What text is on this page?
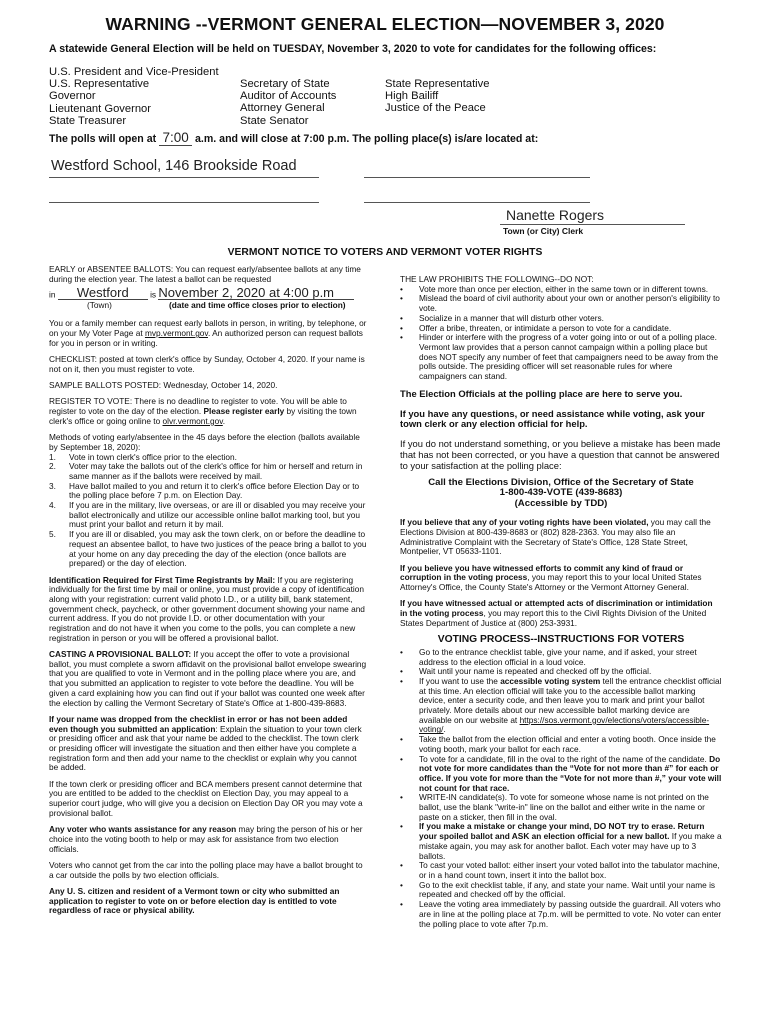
WARNING --VERMONT GENERAL ELECTION—NOVEMBER 3, 2020
A statewide General Election will be held on TUESDAY, November 3, 2020 to vote for candidates for the following offices:
U.S. President and Vice-President
U.S. Representative
Governor
Lieutenant Governor
State Treasurer
Secretary of State
Auditor of Accounts
Attorney General
State Senator
State Representative
High Bailiff
Justice of the Peace
The polls will open at 7:00 a.m. and will close at 7:00 p.m. The polling place(s) is/are located at:
Westford School, 146 Brookside Road
Nanette Rogers
Town (or City) Clerk
VERMONT NOTICE TO VOTERS AND VERMONT VOTER RIGHTS

EARLY or ABSENTEE BALLOTS: You can request early/absentee ballots at any time during the election year. The latest a ballot can be requested

in Westford	is November 2, 2020 at 4:00 p.m
(Town)	(date and time office closes prior to election)

You or a family member can request early ballots in person, in writing, by telephone, or on your My Voter Page at mvp.vermont.gov. An authorized person can request ballots for you in person or in writing.

CHECKLIST: posted at town clerk's office by Sunday, October 4, 2020. If your name is not on it, then you must register to vote.

SAMPLE BALLOTS POSTED: Wednesday, October 14, 2020.

REGISTER TO VOTE: There is no deadline to register to vote. You will be able to register to vote on the day of the election. Please register early by visiting the town clerk's office or going online to olvr.vermont.gov.

Methods of voting early/absentee in the 45 days before the election (ballots available by September 18, 2020):
1.	Vote in town clerk's office prior to the election.
2.	Voter may take the ballots out of the clerk's office for him or herself and return in same manner as if the ballots were received by mail.
3.	Have ballot mailed to you and return it to clerk's office before Election Day or to the polling place before 7 p.m. on Election Day.
4.	If you are in the military, live overseas, or are ill or disabled you may receive your ballot electronically and utilize our accessible online ballot marking tool, but you must print your ballot and return it by mail.
5.	If you are ill or disabled, you may ask the town clerk, on or before the deadline to request an absentee ballot, to have two justices of the peace bring a ballot to you at your home on any day preceding the day of the election (once ballots are prepared) or the day of election.

Identification Required for First Time Registrants by Mail: If you are registering individually for the first time by mail or online, you must provide a copy of identification along with your registration: current valid photo I.D., or a utility bill, bank statement, government check, paycheck, or other government document showing your name and current address. If you do not provide I.D. or other documentation with your registration and do not have it when you come to the polls, you can complete a new registration in person or you will be offered a provisional ballot.

CASTING A PROVISIONAL BALLOT: If you accept the offer to vote a provisional ballot, you must complete a sworn affidavit on the provisional ballot envelope swearing that you are qualified to vote in Vermont and in the polling place where you are, and that you submitted an application to register to vote before the deadline. You will be given a card explaining how you can find out if your ballot was counted one week after the election by calling the Vermont Secretary of State's Office at 1-800-439-8683.

If your name was dropped from the checklist in error or has not been added even though you submitted an application: Explain the situation to your town clerk or presiding officer and ask that your name be added to the checklist. The town clerk or presiding officer will investigate the situation and then either have you complete a registration form and then add your name to the checklist or explain why you cannot be added.

If the town clerk or presiding officer and BCA members present cannot determine that you are entitled to be added to the checklist on Election Day, you may appeal to a superior court judge, who will give you a decision on Election Day OR you may vote a provisional ballot.

Any voter who wants assistance for any reason may bring the person of his or her choice into the voting booth to help or may ask for assistance from two election officials.

Voters who cannot get from the car into the polling place may have a ballot brought to a car outside the polls by two election officials.

Any U. S. citizen and resident of a Vermont town or city who submitted an application to register to vote on or before election day is entitled to vote regardless of race or physical ability.

THE LAW PROHIBITS THE FOLLOWING--DO NOT:
• Vote more than once per election, either in the same town or in different towns.
• Mislead the board of civil authority about your own or another person's eligibility to vote.
• Socialize in a manner that will disturb other voters.
• Offer a bribe, threaten, or intimidate a person to vote for a candidate.
• Hinder or interfere with the progress of a voter going into or out of a polling place. Vermont law provides that a person cannot campaign within a polling place but does NOT specify any number of feet that campaigners need to be away from the polls outside. The presiding officer will set reasonable rules for where campaigners can stand.
The Election Officials at the polling place are here to serve you.
If you have any questions, or need assistance while voting, ask your town clerk or any election official for help.
If you do not understand something, or you believe a mistake has been made that has not been corrected, or you have a question that cannot be answered to your satisfaction at the polling place:
Call the Elections Division, Office of the Secretary of State
1-800-439-VOTE (439-8683)
(Accessible by TDD)

If you believe that any of your voting rights have been violated, you may call the Elections Division at 800-439-8683 or (802) 828-2363. You may also file an Administrative Complaint with the Secretary of State's Office, 128 State Street, Montpelier, VT 05633-1101.

If you believe you have witnessed efforts to commit any kind of fraud or corruption in the voting process, you may report this to your local United States Attorney's Office, the County State's Attorney or the Vermont Attorney General.

If you have witnessed actual or attempted acts of discrimination or intimidation in the voting process, you may report this to the Civil Rights Division of the United States Department of Justice at (800) 253-3931.

VOTING PROCESS--INSTRUCTIONS FOR VOTERS
• Go to the entrance checklist table, give your name, and if asked, your street address to the election official in a loud voice.
• Wait until your name is repeated and checked off by the official.
• If you want to use the accessible voting system tell the entrance checklist official at this time. An election official will take you to the accessible ballot marking device, enter a security code, and then leave you to mark and print your ballot privately. More details about our new accessible ballot marking device are available on our website at https://sos.vermont.gov/elections/voters/accessible-voting/.
• Take the ballot from the election official and enter a voting booth. Once inside the voting booth, mark your ballot for each race.
• To vote for a candidate, fill in the oval to the right of the name of the candidate. Do not vote for more candidates than the “Vote for not more than #” for each or office. If you vote for more than the “Vote for not more than #,” your vote will not count for that race.
• WRITE-IN candidate(s). To vote for someone whose name is not printed on the ballot, use the blank "write-in" line on the ballot and either write in the name or paste on a sticker, then fill in the oval.
• If you make a mistake or change your mind, DO NOT try to erase. Return your spoiled ballot and ASK an election official for a new ballot. If you make a mistake again, you may ask for another ballot. Each voter may have up to 3 ballots.
• To cast your voted ballot: either insert your voted ballot into the tabulator machine, or in a hand count town, insert it into the ballot box.
• Go to the exit checklist table, if any, and state your name. Wait until your name is repeated and checked off by the official.
• Leave the voting area immediately by passing outside the guardrail. All voters who are in line at the polling place at 7p.m. will be permitted to vote. No voter can enter the polling place to vote after 7p.m.
